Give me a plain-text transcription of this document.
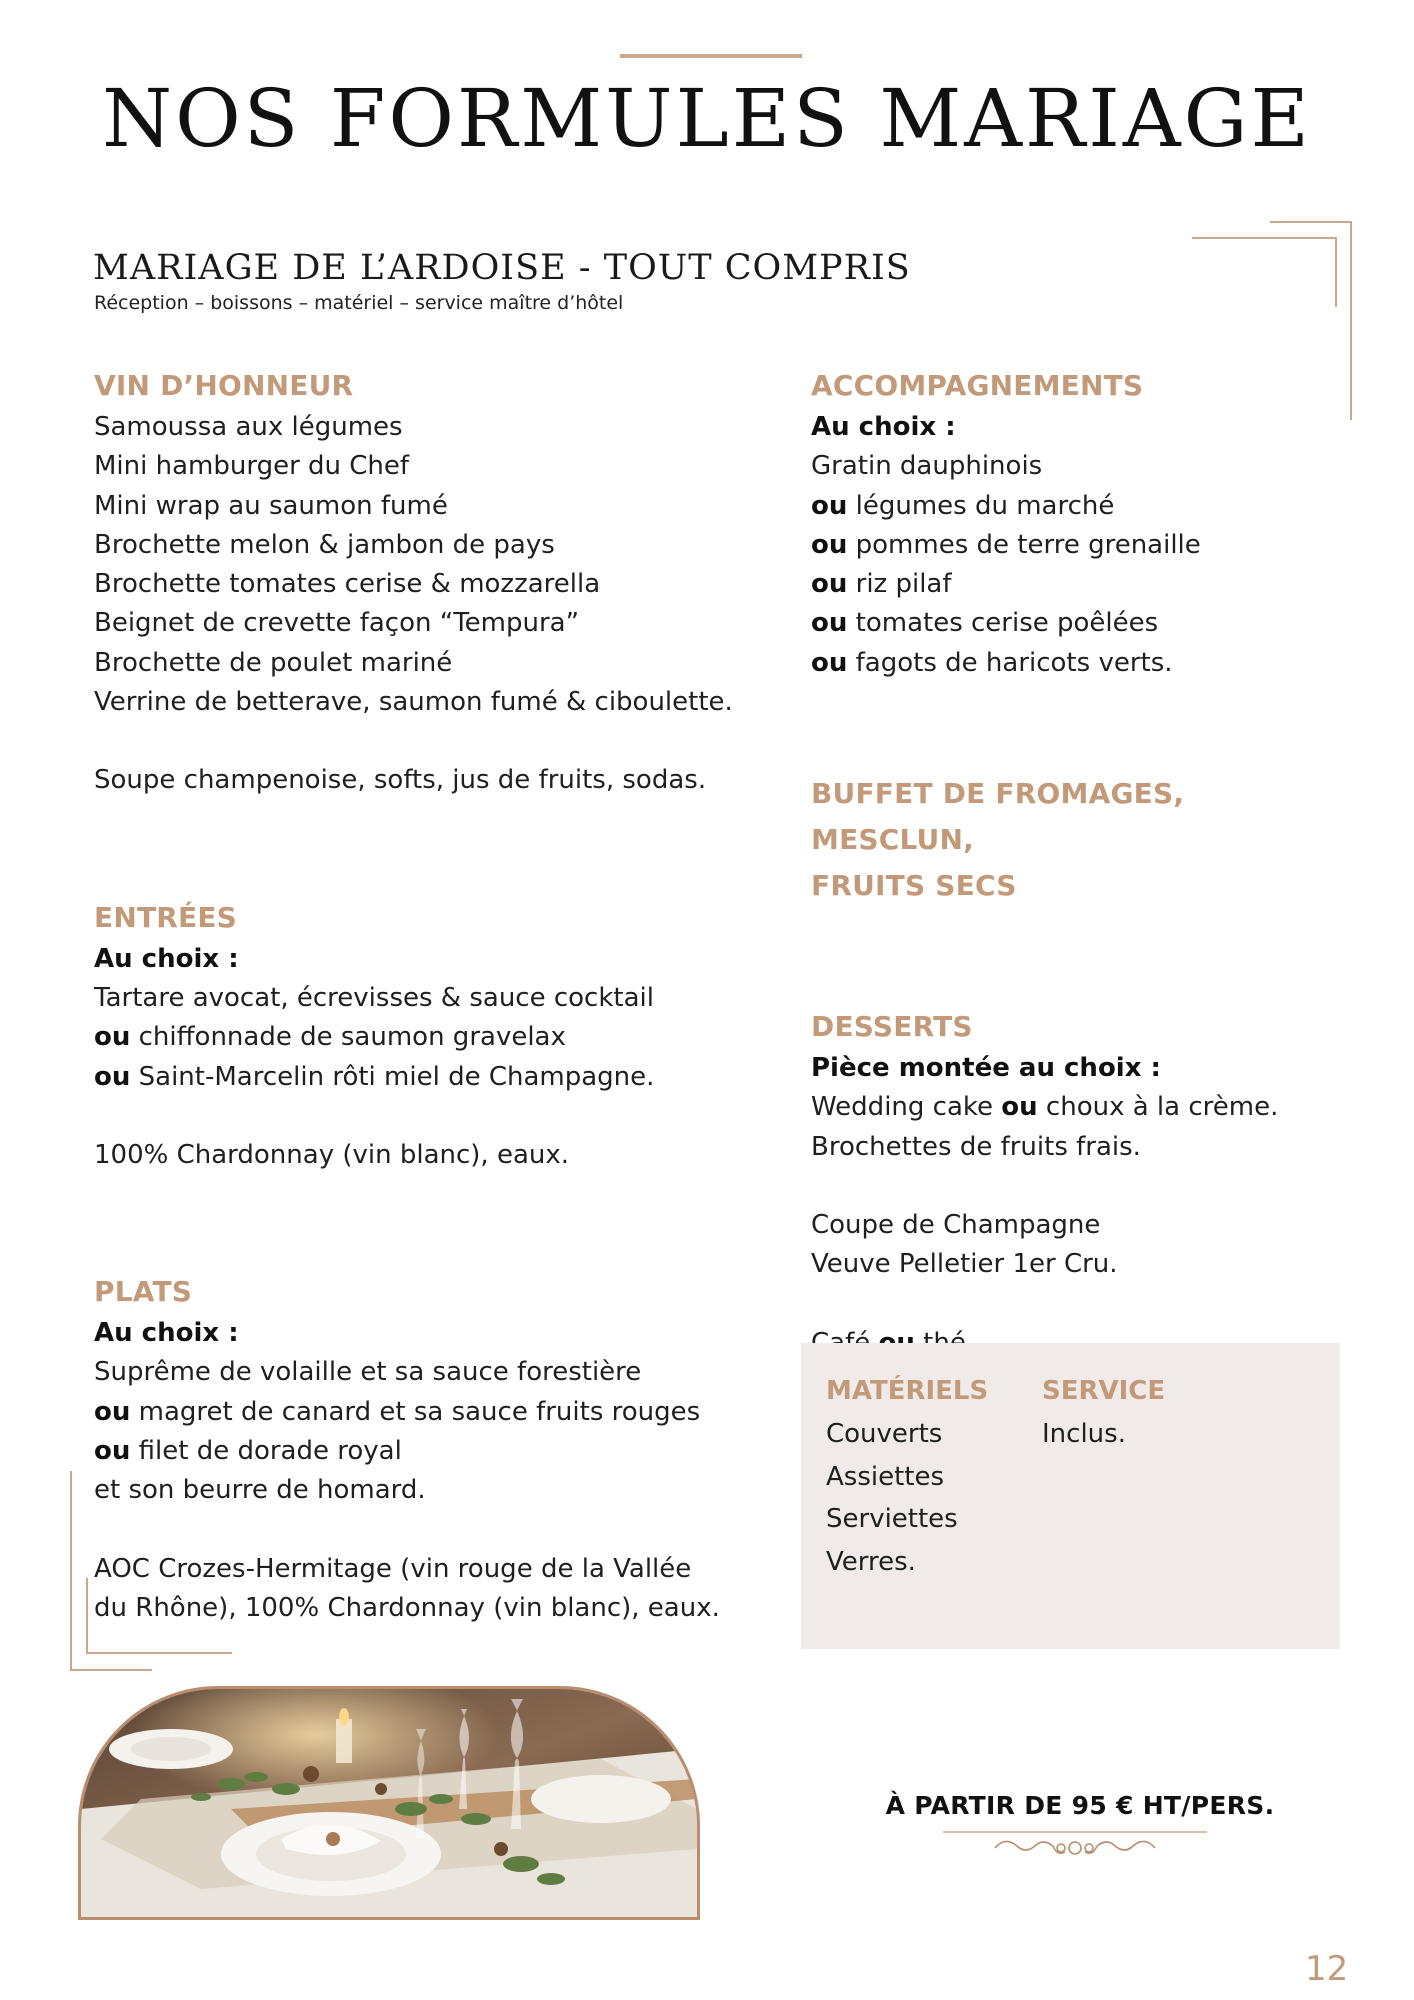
NOS FORMULES MARIAGE
MARIAGE DE L’ARDOISE - TOUT COMPRIS
Réception – boissons – matériel – service maître d’hôtel
VIN D’HONNEUR
Samoussa aux légumes
Mini hamburger du Chef
Mini wrap au saumon fumé
Brochette melon & jambon de pays
Brochette tomates cerise & mozzarella
Beignet de crevette façon “Tempura”
Brochette de poulet mariné
Verrine de betterave, saumon fumé & ciboulette.
Soupe champenoise, softs, jus de fruits, sodas.
ENTRÉES
Au choix :
Tartare avocat, écrevisses & sauce cocktail
ou chiffonnade de saumon gravelax
ou Saint-Marcelin rôti miel de Champagne.
100% Chardonnay (vin blanc), eaux.
PLATS
Au choix :
Suprême de volaille et sa sauce forestière
ou magret de canard et sa sauce fruits rouges
ou filet de dorade royal
et son beurre de homard.
AOC Crozes-Hermitage (vin rouge de la Vallée
du Rhône), 100% Chardonnay (vin blanc), eaux.
ACCOMPAGNEMENTS
Au choix :
Gratin dauphinois
ou légumes du marché
ou pommes de terre grenaille
ou riz pilaf
ou tomates cerise poêlées
ou fagots de haricots verts.
BUFFET DE FROMAGES, MESCLUN,
FRUITS SECS
DESSERTS
Pièce montée au choix :
Wedding cake ou choux à la crème.
Brochettes de fruits frais.
Coupe de Champagne
Veuve Pelletier 1er Cru.
MATÉRIELS
Couverts
Assiettes
Serviettes
Verres.
SERVICE
Inclus.
À PARTIR DE 95 € HT/PERS.
12
